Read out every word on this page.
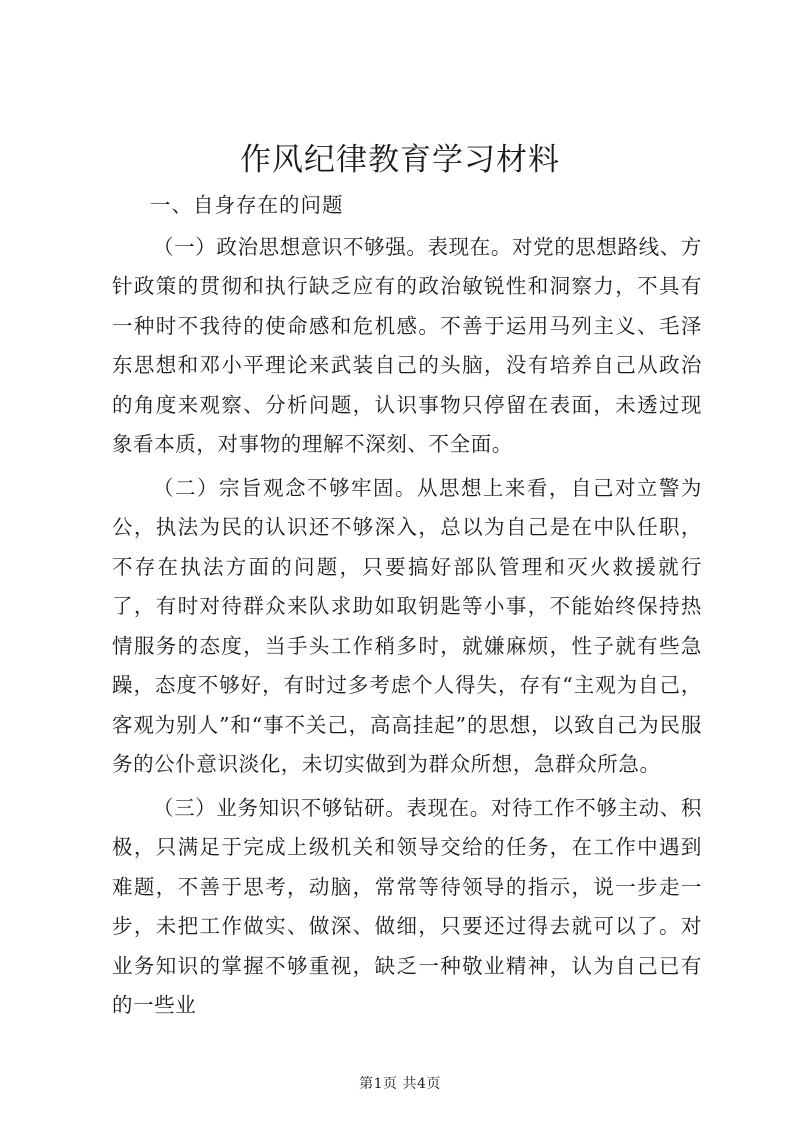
作风纪律教育学习材料

一、自身存在的问题

（一）政治思想意识不够强。表现在。对党的思想路线、方针政策的贯彻和执行缺乏应有的政治敏锐性和洞察力，不具有一种时不我待的使命感和危机感。不善于运用马列主义、毛泽东思想和邓小平理论来武装自己的头脑，没有培养自己从政治的角度来观察、分析问题，认识事物只停留在表面，未透过现象看本质，对事物的理解不深刻、不全面。

（二）宗旨观念不够牢固。从思想上来看，自己对立警为公，执法为民的认识还不够深入，总以为自己是在中队任职，不存在执法方面的问题，只要搞好部队管理和灭火救援就行了，有时对待群众来队求助如取钥匙等小事，不能始终保持热情服务的态度，当手头工作稍多时，就嫌麻烦，性子就有些急躁，态度不够好，有时过多考虑个人得失，存有“主观为自己，客观为别人”和“事不关己，高高挂起”的思想，以致自己为民服务的公仆意识淡化，未切实做到为群众所想，急群众所急。

（三）业务知识不够钻研。表现在。对待工作不够主动、积极，只满足于完成上级机关和领导交给的任务，在工作中遇到难题，不善于思考，动脑，常常等待领导的指示，说一步走一步，未把工作做实、做深、做细，只要还过得去就可以了。对业务知识的掌握不够重视，缺乏一种敬业精神，认为自己已有的一些业

第1页 共4页
